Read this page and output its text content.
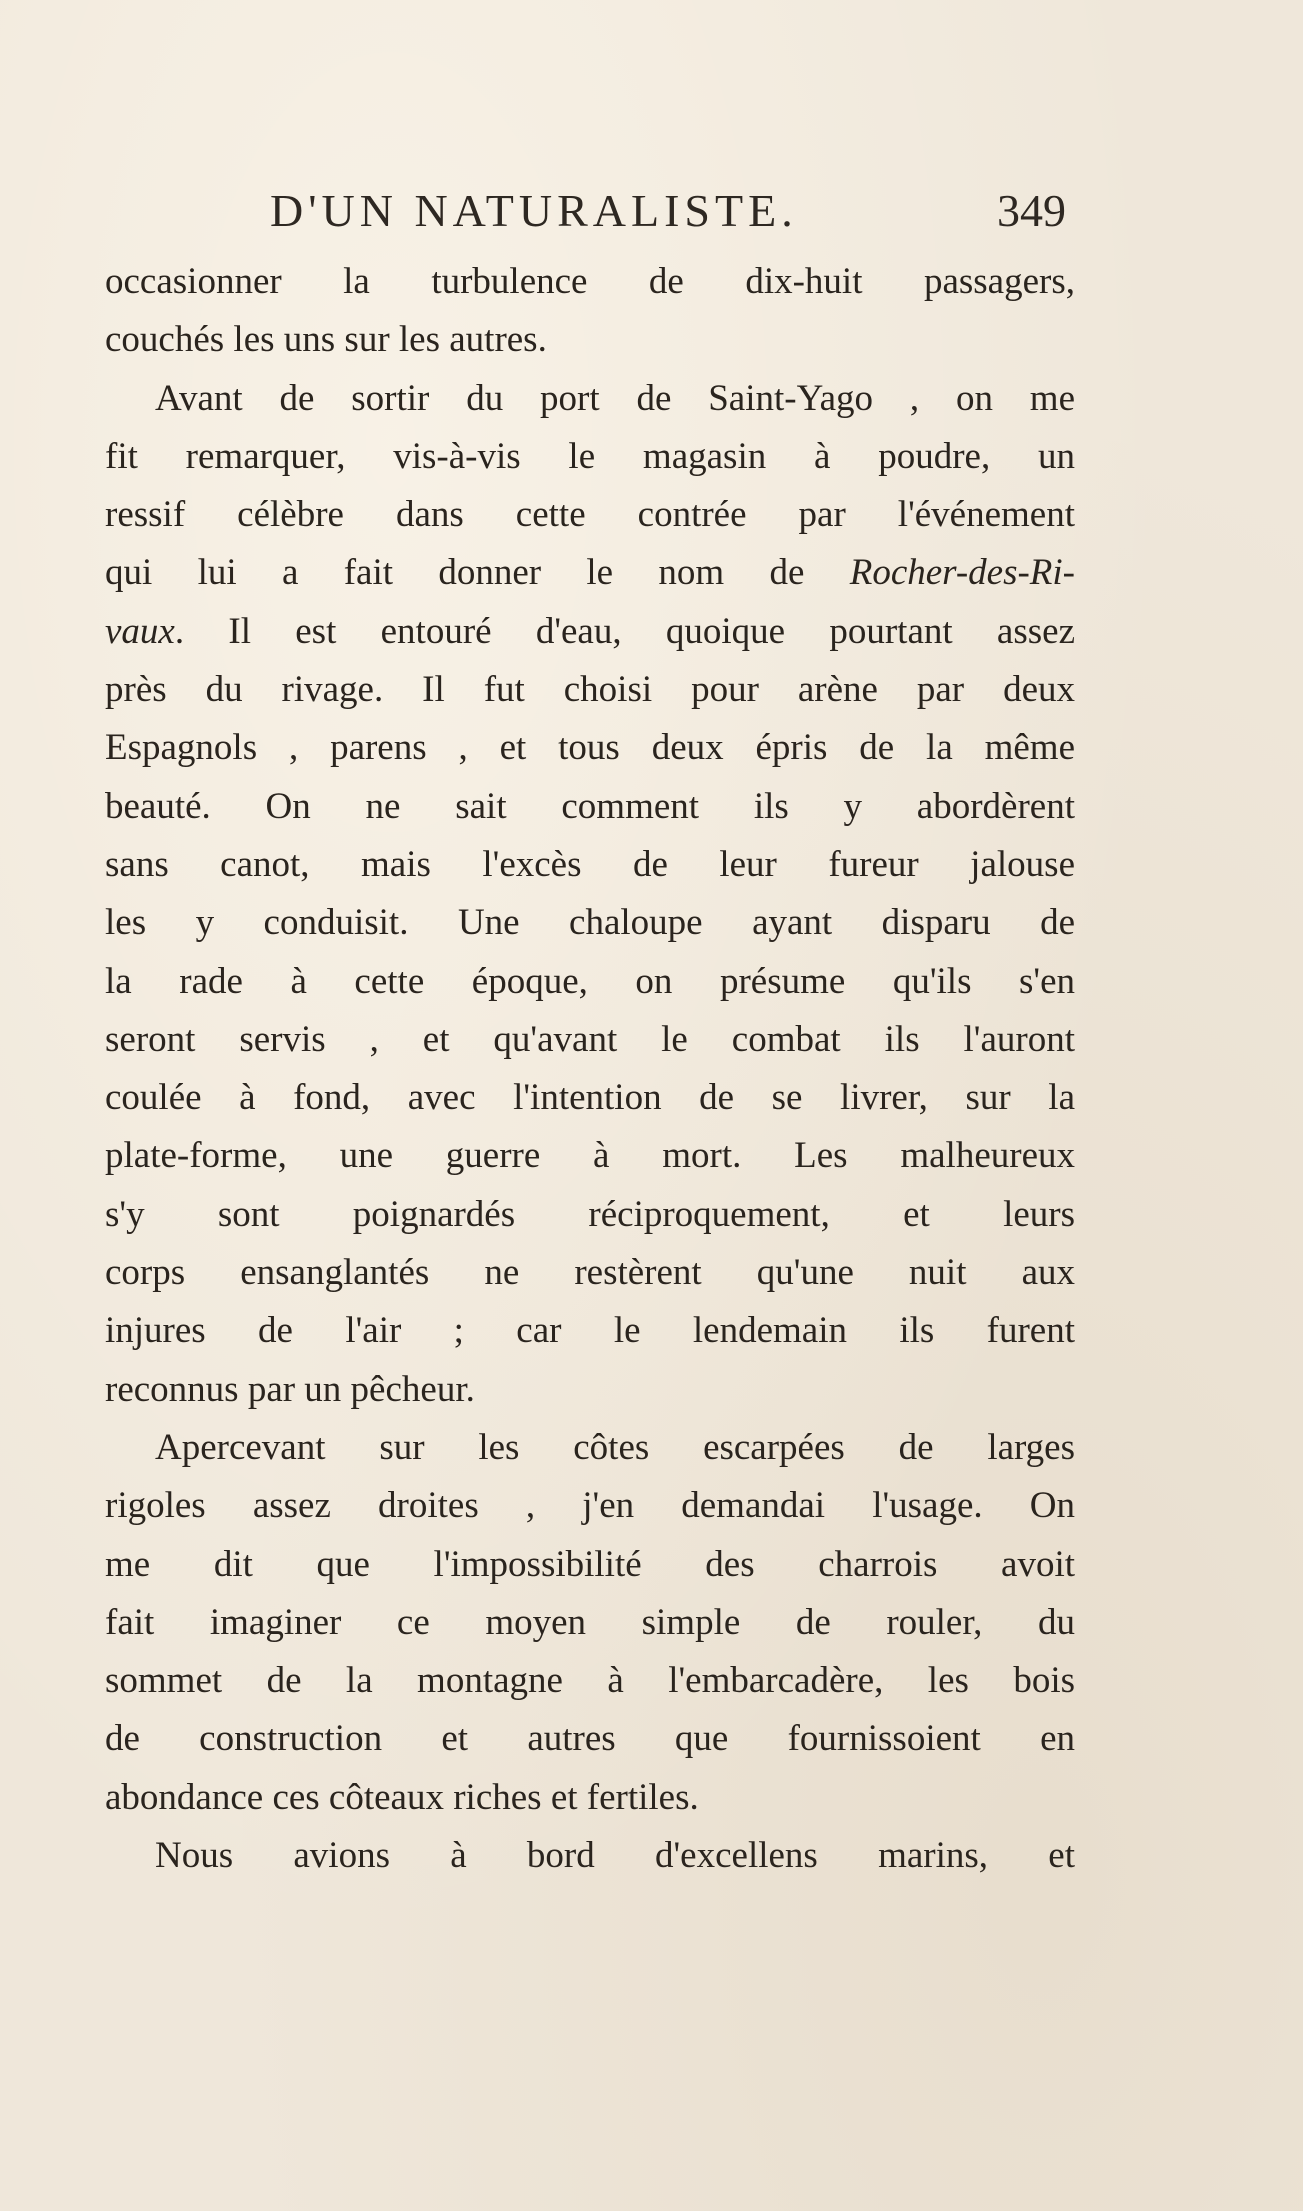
D'UN NATURALISTE.	349
occasionner la turbulence de dix-huit passagers,
couchés les uns sur les autres.
Avant de sortir du port de Saint-Yago , on me
fit remarquer, vis-à-vis le magasin à poudre, un
ressif célèbre dans cette contrée par l'événement
qui lui a fait donner le nom de Rocher-des-Ri-
vaux. Il est entouré d'eau, quoique pourtant assez
près du rivage. Il fut choisi pour arène par deux
Espagnols , parens , et tous deux épris de la même
beauté. On ne sait comment ils y abordèrent
sans canot, mais l'excès de leur fureur jalouse
les y conduisit. Une chaloupe ayant disparu de
la rade à cette époque, on présume qu'ils s'en
seront servis , et qu'avant le combat ils l'auront
coulée à fond, avec l'intention de se livrer, sur la
plate-forme, une guerre à mort. Les malheureux
s'y sont poignardés réciproquement, et leurs
corps ensanglantés ne restèrent qu'une nuit aux
injures de l'air ; car le lendemain ils furent
reconnus par un pêcheur.
Apercevant sur les côtes escarpées de larges
rigoles assez droites , j'en demandai l'usage. On
me dit que l'impossibilité des charrois avoit
fait imaginer ce moyen simple de rouler, du
sommet de la montagne à l'embarcadère, les bois
de construction et autres que fournissoient en
abondance ces côteaux riches et fertiles.
Nous avions à bord d'excellens marins, et
